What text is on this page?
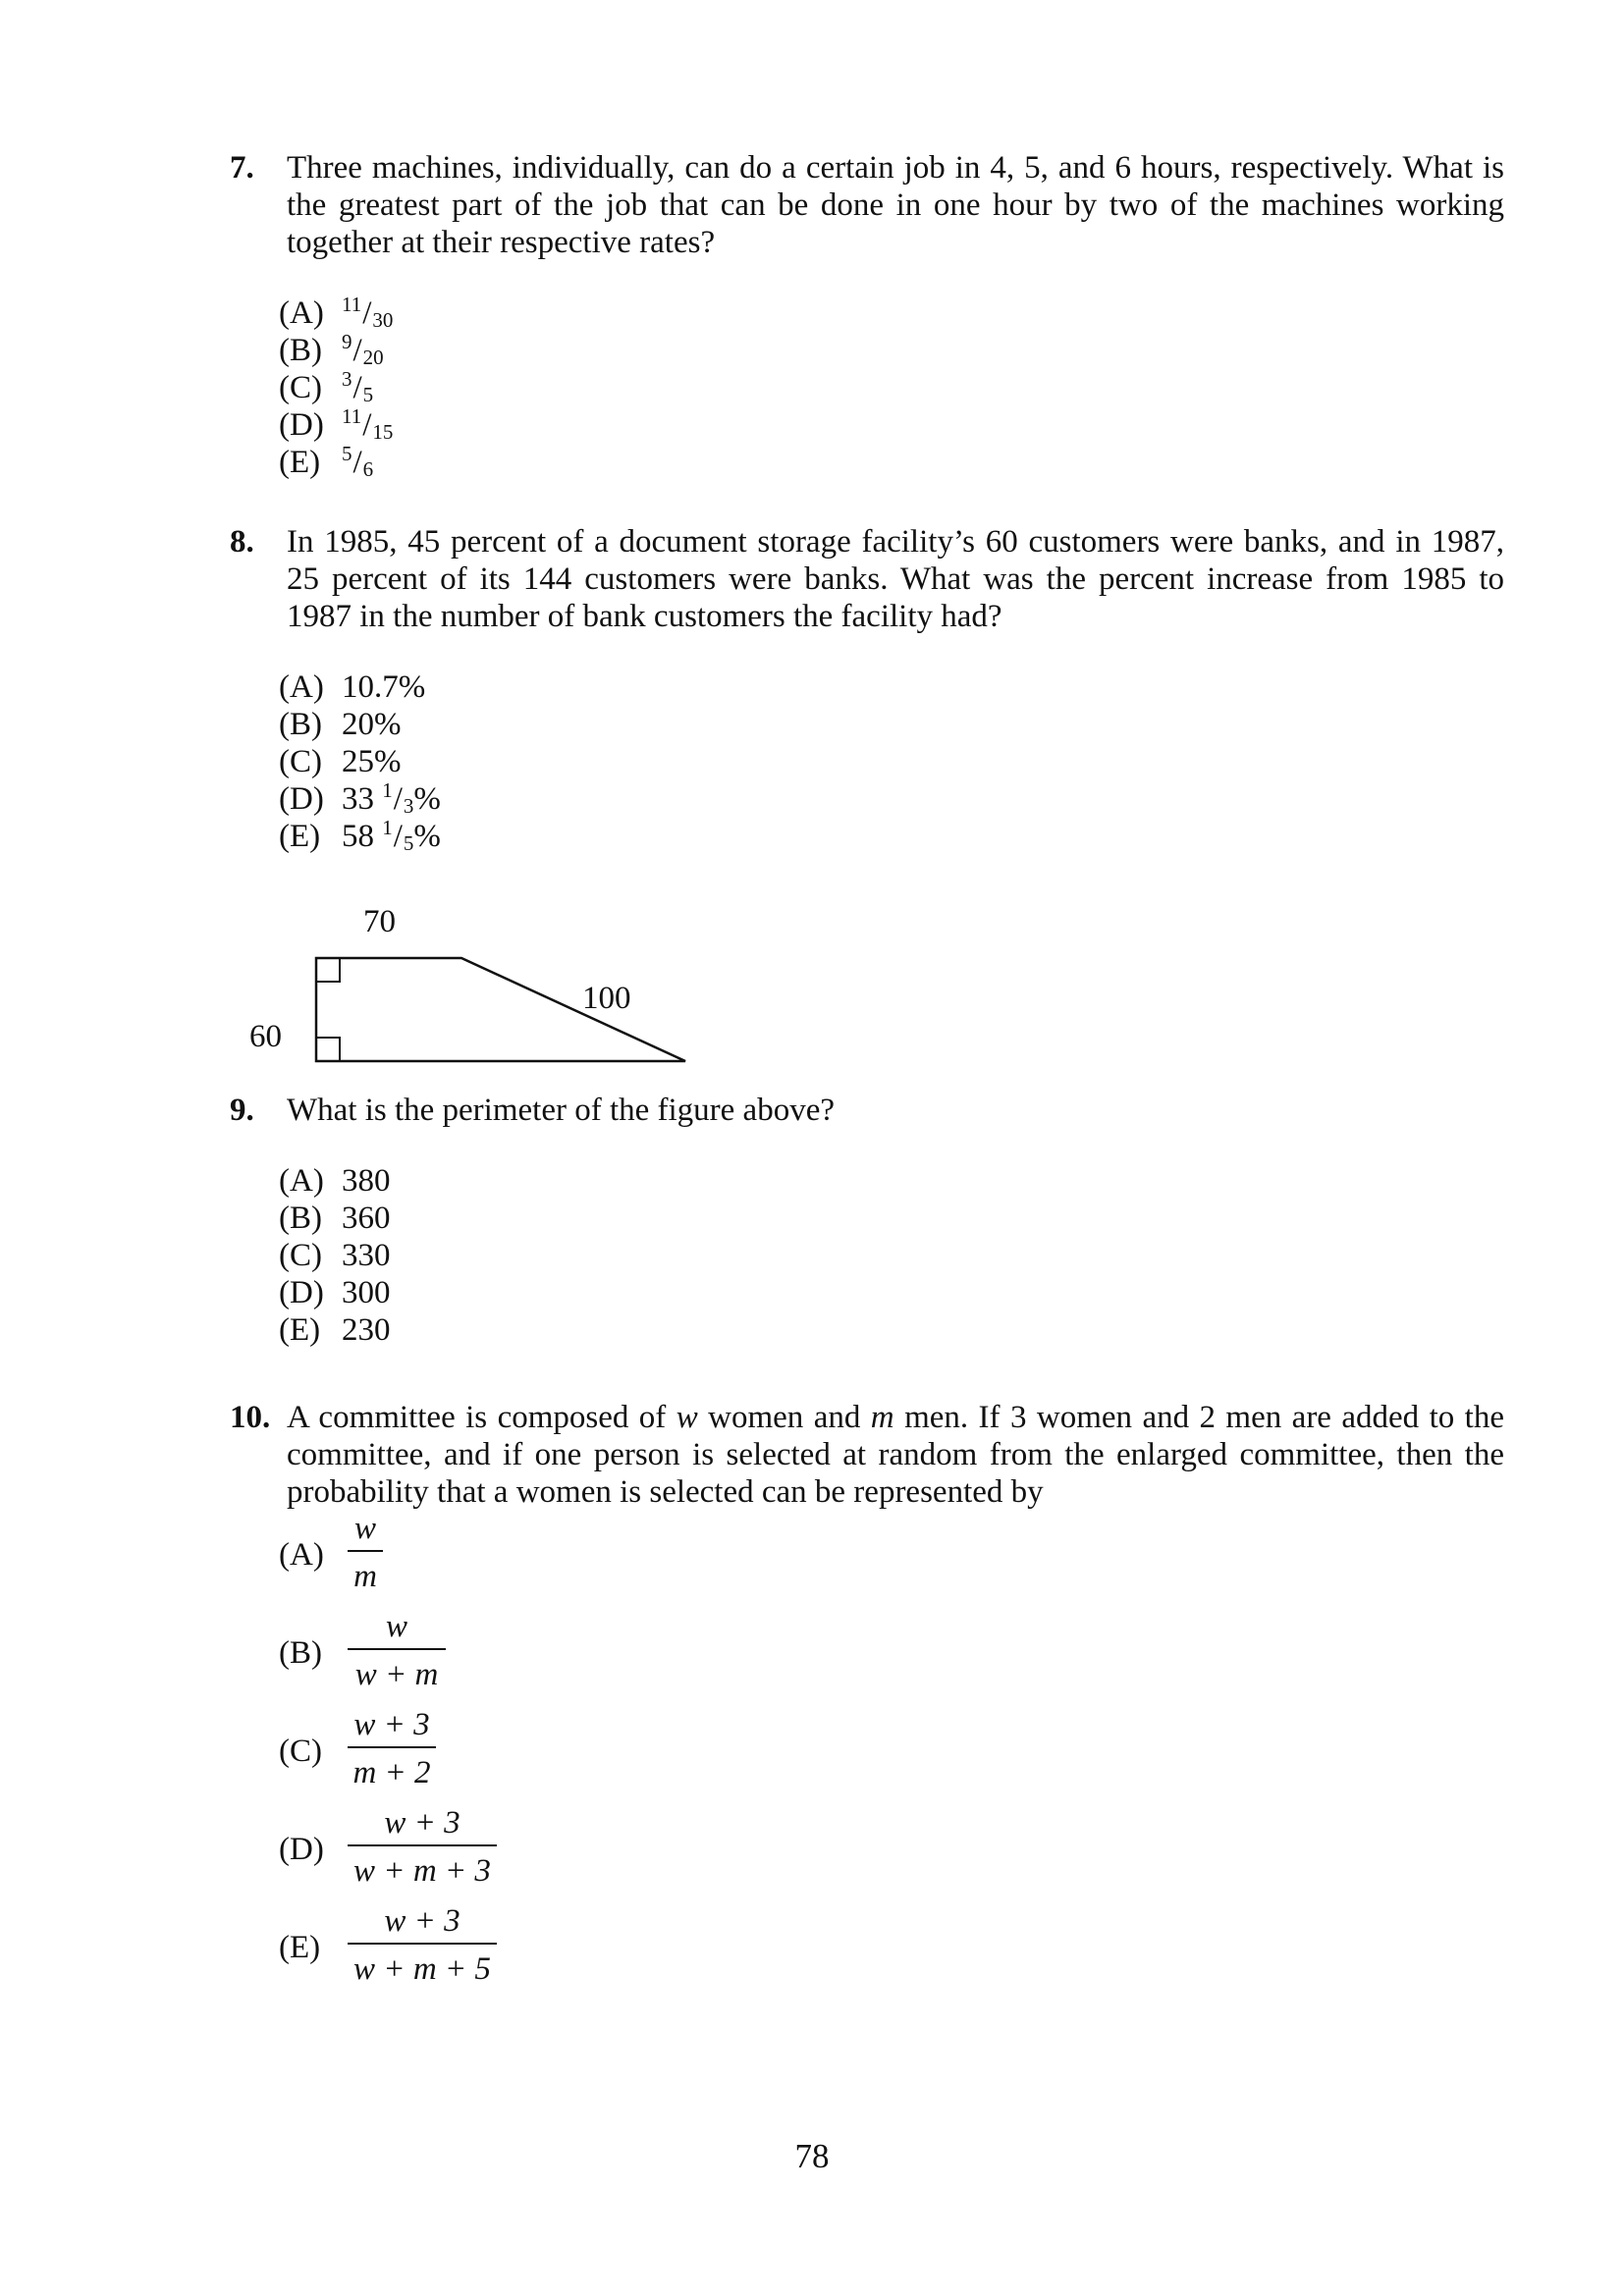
7. Three machines, individually, can do a certain job in 4, 5, and 6 hours, respectively. What is the greatest part of the job that can be done in one hour by two of the machines working together at their respective rates?
(A) $^{11}/_{30}$
(B) $^9/_{20}$
(C) $^3/_5$
(D) $^{11}/_{15}$
(E) $^5/_6$
8. In 1985, 45 percent of a document storage facility’s 60 customers were banks, and in 1987, 25 percent of its 144 customers were banks. What was the percent increase from 1985 to 1987 in the number of bank customers the facility had?
(A) 10.7%
(B) 20%
(C) 25%
(D) 33 $^1/_3\%$
(E) 58 $^1/_5\%$
70
60
100
9. What is the perimeter of the figure above?
(A) 380
(B) 360
(C) 330
(D) 300
(E) 230
10. A committee is composed of w women and m men. If 3 women and 2 men are added to the committee, and if one person is selected at random from the enlarged committee, then the probability that a women is selected can be represented by
(A)
w
m
(B)
w
w + m
(C)
w + 3
m + 2
(D)
w + 3
w + m + 3
(E)
w + 3
w + m + 5
78
